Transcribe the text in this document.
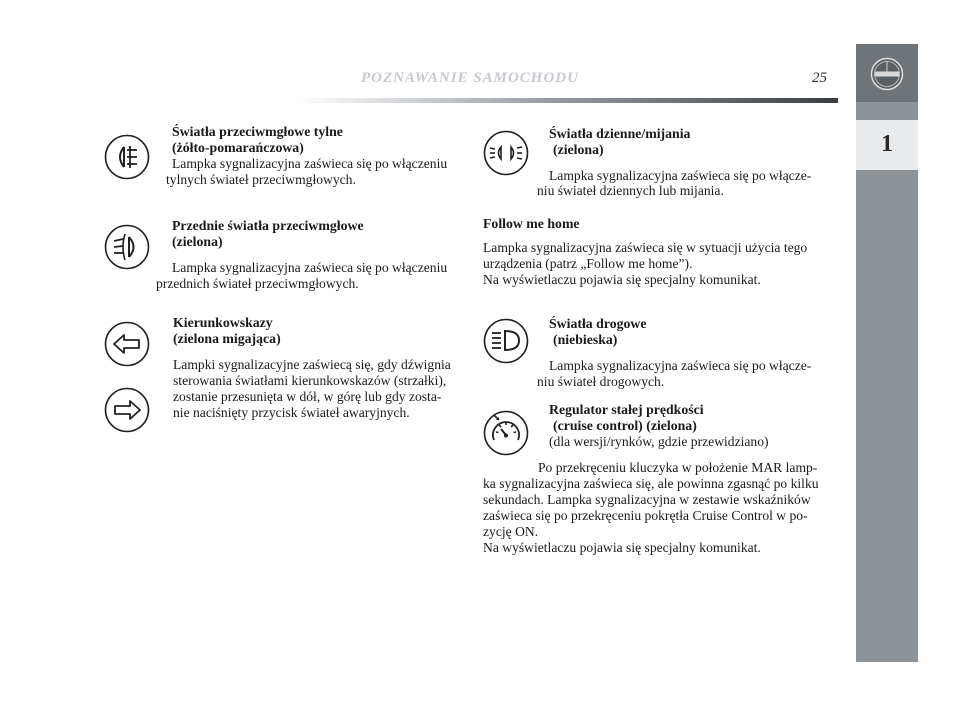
POZNAWANIE SAMOCHODU	25
1

Światła przeciwmgłowe tylne

(żółto-pomarańczowa)

Lampka sygnalizacyjna zaświeca się po włączeniu

tylnych świateł przeciwmgłowych.

Przednie światła przeciwmgłowe

(zielona)

Lampka sygnalizacyjna zaświeca się po włączeniu

przednich świateł przeciwmgłowych.

Kierunkowskazy

(zielona migająca)

Lampki sygnalizacyjne zaświecą się, gdy dźwignia

sterowania światłami kierunkowskazów (strzałki),

zostanie przesunięta w dół, w górę lub gdy zosta-

nie naciśnięty przycisk świateł awaryjnych.

Światła dzienne/mijania

(zielona)

Lampka sygnalizacyjna zaświeca się po włącze-

niu świateł dziennych lub mijania.

Follow me home

Lampka sygnalizacyjna zaświeca się w sytuacji użycia tego

urządzenia (patrz „Follow me home”).

Na wyświetlaczu pojawia się specjalny komunikat.

Światła drogowe

(niebieska)

Lampka sygnalizacyjna zaświeca się po włącze-

niu świateł drogowych.

Regulator stałej prędkości

(cruise control) (zielona)

(dla wersji/rynków, gdzie przewidziano)

Po przekręceniu kluczyka w położenie MAR lamp-

ka sygnalizacyjna zaświeca się, ale powinna zgasnąć po kilku

sekundach. Lampka sygnalizacyjna w zestawie wskaźników

zaświeca się po przekręceniu pokrętła Cruise Control w po-

zycję ON.

Na wyświetlaczu pojawia się specjalny komunikat.
